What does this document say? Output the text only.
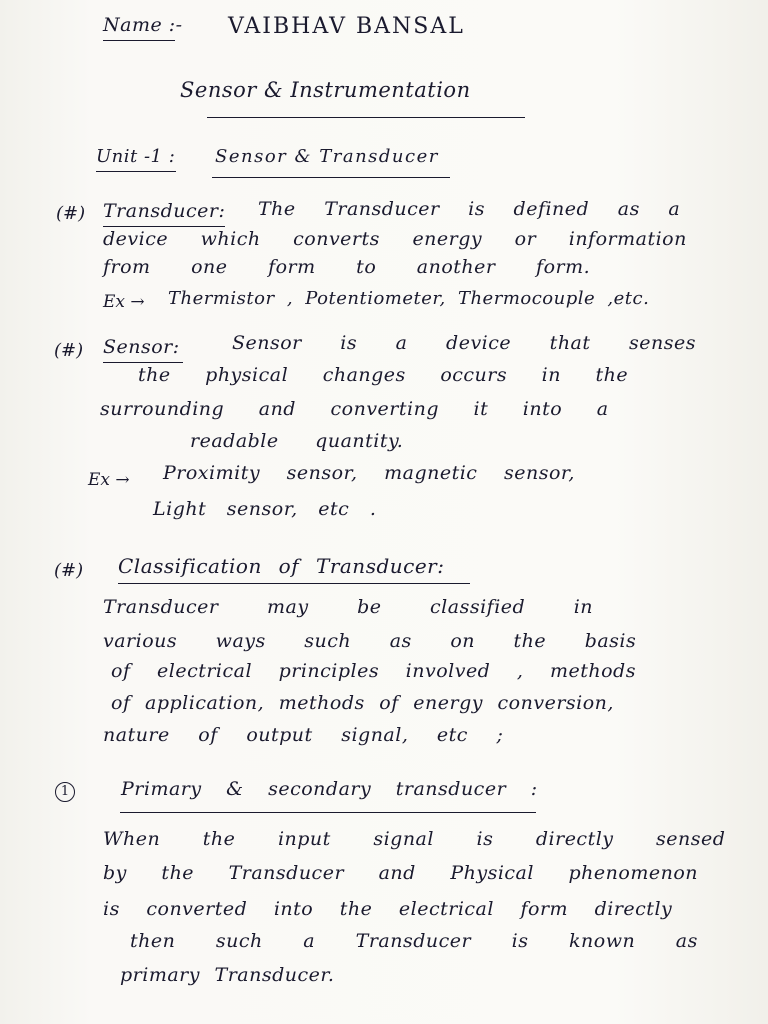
Name :- VAIBHAV BANSAL
Sensor & Instrumentation
Unit -1 : Sensor & Transducer
(#) Transducer: The Transducer is defined as a
device which converts energy or information
from one form to another form.
Ex → Thermistor , Potentiometer, Thermocouple ,etc.
(#) Sensor:	Sensor is a device that senses
the physical changes occurs in the
surrounding and converting it into a
readable quantity.
Ex → Proximity sensor, magnetic sensor,
Light sensor, etc .
(#) Classification of Transducer:
Transducer may be classified in
various ways such as on the basis
of electrical principles involved , methods
of application, methods of energy conversion,
nature of output signal, etc ;
1	Primary & secondary transducer :
When the input signal is directly sensed
by the Transducer and Physical phenomenon
is converted into the electrical form directly
then such a Transducer is known as
primary Transducer.
